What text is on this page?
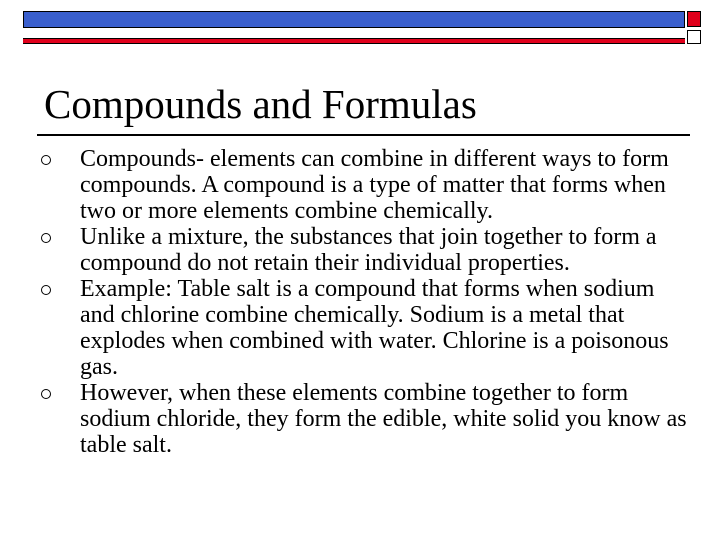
Compounds and Formulas
Compounds- elements can combine in different ways to form compounds. A compound is a type of matter that forms when two or more elements combine chemically.
Unlike a mixture, the substances that join together to form a compound do not retain their individual properties.
Example: Table salt is a compound that forms when sodium and chlorine combine chemically. Sodium is a metal that explodes when combined with water. Chlorine is a poisonous gas.
However, when these elements combine together to form sodium chloride, they form the edible, white solid you know as table salt.
